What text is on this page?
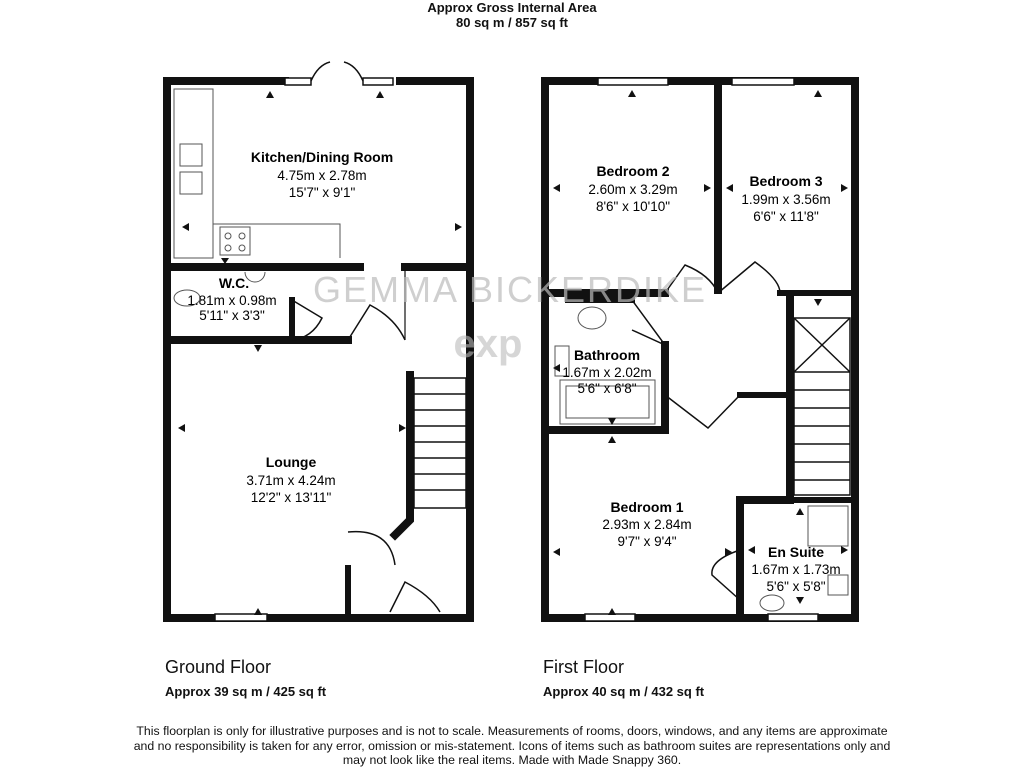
Approx Gross Internal Area
80 sq m / 857 sq ft
GEMMA BICKERDIKE
exp
Kitchen/Dining Room
4.75m x 2.78m
15'7" x 9'1"
W.C.
1.81m x 0.98m
5'11" x 3'3"
Lounge
3.71m x 4.24m
12'2" x 13'11"
Bedroom 2
2.60m x 3.29m
8'6" x 10'10"
Bedroom 3
1.99m x 3.56m
6'6" x 11'8"
Bathroom
1.67m x 2.02m
5'6" x 6'8"
Bedroom 1
2.93m x 2.84m
9'7" x 9'4"
En Suite
1.67m x 1.73m
5'6" x 5'8"
Ground Floor
Approx 39 sq m / 425 sq ft
First Floor
Approx 40 sq m / 432 sq ft
This floorplan is only for illustrative purposes and is not to scale. Measurements of rooms, doors, windows, and any items are approximate
and no responsibility is taken for any error, omission or mis-statement. Icons of items such as bathroom suites are representations only and
may not look like the real items. Made with Made Snappy 360.
